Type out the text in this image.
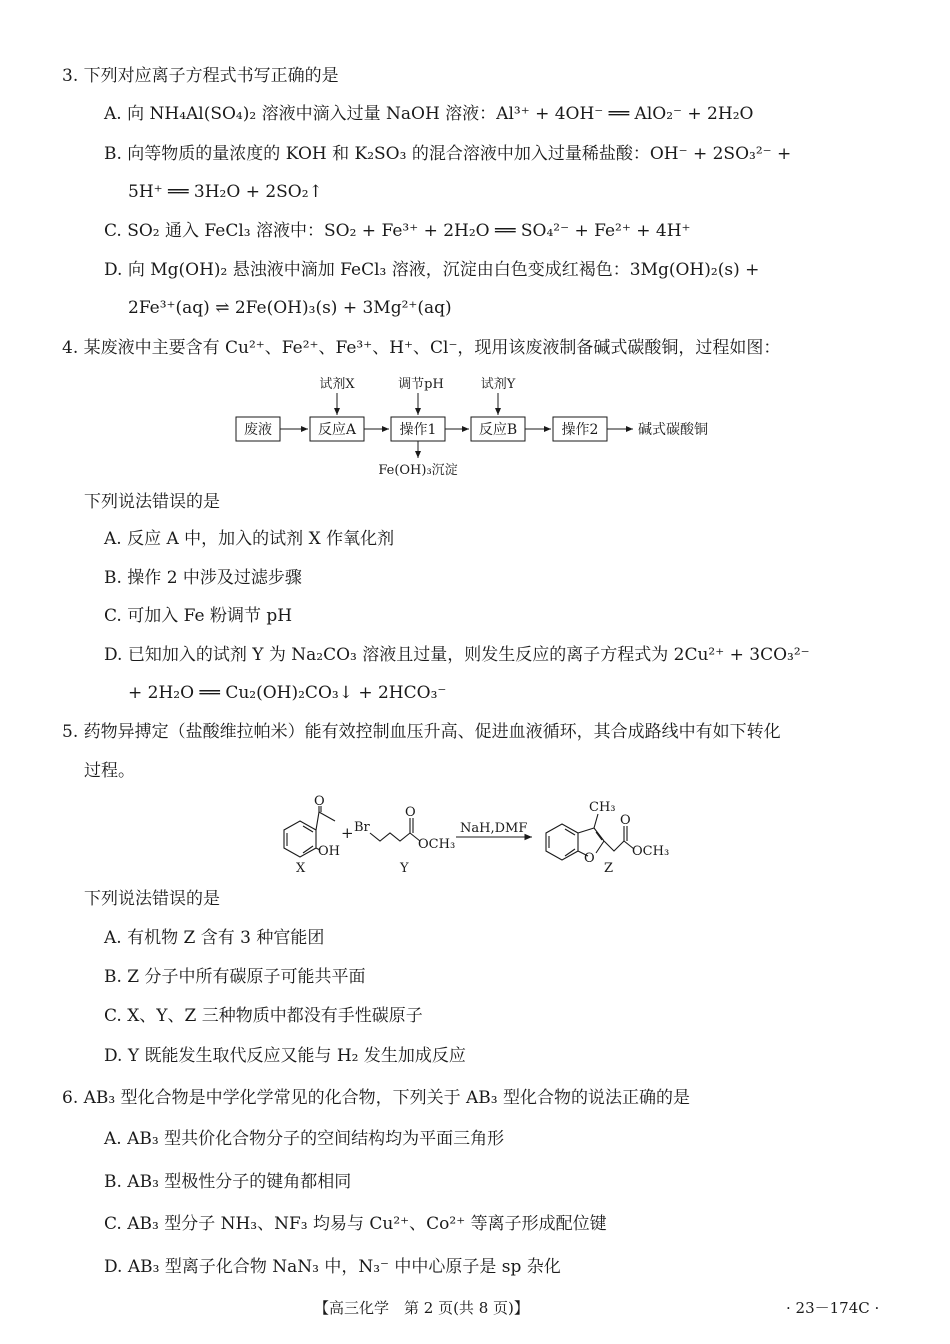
3. 下列对应离子方程式书写正确的是
A. 向 NH₄Al(SO₄)₂ 溶液中滴入过量 NaOH 溶液：Al³⁺ + 4OH⁻ ══ AlO₂⁻ + 2H₂O
B. 向等物质的量浓度的 KOH 和 K₂SO₃ 的混合溶液中加入过量稀盐酸：OH⁻ + 2SO₃²⁻ +
5H⁺ ══ 3H₂O + 2SO₂↑
C. SO₂ 通入 FeCl₃ 溶液中：SO₂ + Fe³⁺ + 2H₂O ══ SO₄²⁻ + Fe²⁺ + 4H⁺
D. 向 Mg(OH)₂ 悬浊液中滴加 FeCl₃ 溶液，沉淀由白色变成红褐色：3Mg(OH)₂(s) +
2Fe³⁺(aq) ⇌ 2Fe(OH)₃(s) + 3Mg²⁺(aq)
4. 某废液中主要含有 Cu²⁺、Fe²⁺、Fe³⁺、H⁺、Cl⁻，现用该废液制备碱式碳酸铜，过程如图：
废液	反应A	操作1	反应B	操作2
试剂X	调节pH	试剂Y
Fe(OH)₃沉淀
碱式碳酸铜
下列说法错误的是
A. 反应 A 中，加入的试剂 X 作氧化剂
B. 操作 2 中涉及过滤步骤
C. 可加入 Fe 粉调节 pH
D. 已知加入的试剂 Y 为 Na₂CO₃ 溶液且过量，则发生反应的离子方程式为 2Cu²⁺ + 3CO₃²⁻
+ 2H₂O ══ Cu₂(OH)₂CO₃↓ + 2HCO₃⁻
5. 药物异搏定（盐酸维拉帕米）能有效控制血压升高、促进血液循环，其合成路线中有如下转化
过程。
O
OH
+ Br
O
OCH₃
NaH,DMF
CH₃
O
O
OCH₃
X	Y	Z
下列说法错误的是
A. 有机物 Z 含有 3 种官能团
B. Z 分子中所有碳原子可能共平面
C. X、Y、Z 三种物质中都没有手性碳原子
D. Y 既能发生取代反应又能与 H₂ 发生加成反应
6. AB₃ 型化合物是中学化学常见的化合物，下列关于 AB₃ 型化合物的说法正确的是
A. AB₃ 型共价化合物分子的空间结构均为平面三角形
B. AB₃ 型极性分子的键角都相同
C. AB₃ 型分子 NH₃、NF₃ 均易与 Cu²⁺、Co²⁺ 等离子形成配位键
D. AB₃ 型离子化合物 NaN₃ 中，N₃⁻ 中中心原子是 sp 杂化
【高三化学　第 2 页(共 8 页)】	· 23－174C ·
